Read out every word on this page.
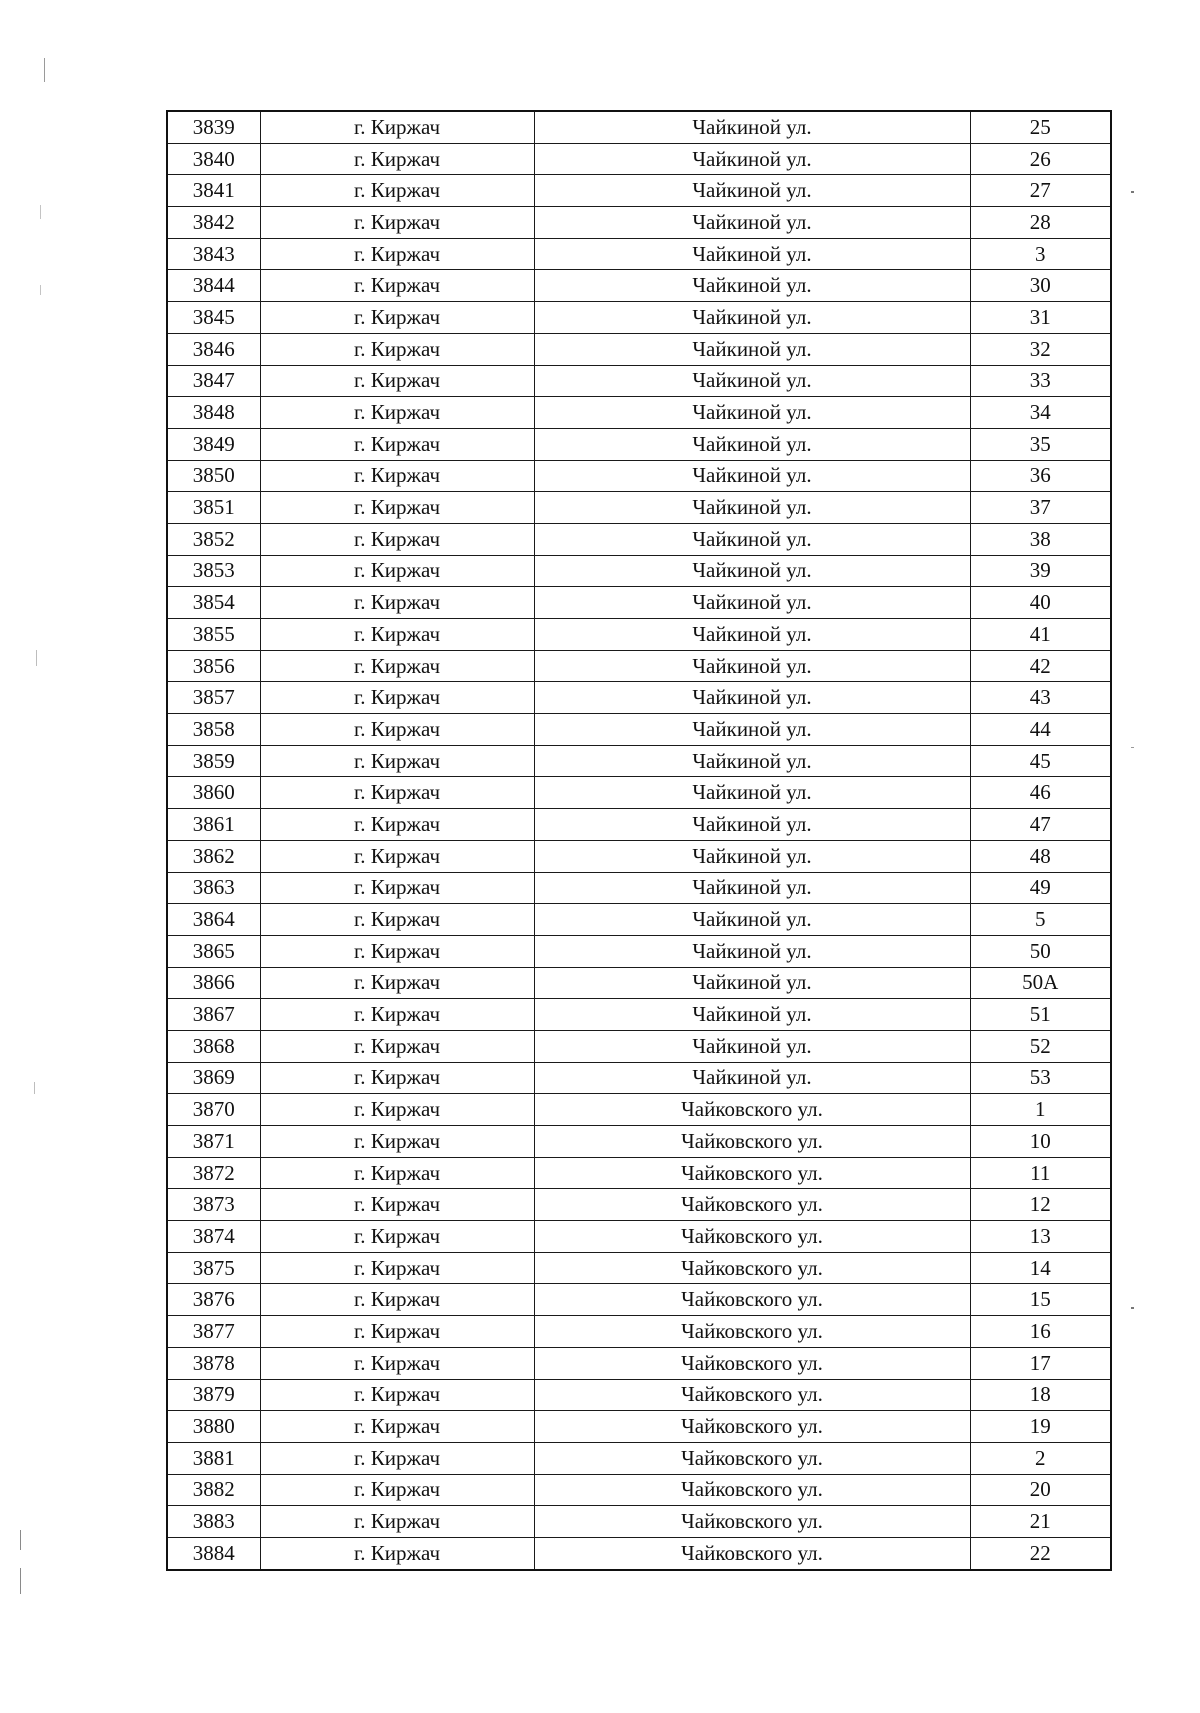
3839	г. Киржач	Чайкиной ул.	25
3840	г. Киржач	Чайкиной ул.	26
3841	г. Киржач	Чайкиной ул.	27
3842	г. Киржач	Чайкиной ул.	28
3843	г. Киржач	Чайкиной ул.	3
3844	г. Киржач	Чайкиной ул.	30
3845	г. Киржач	Чайкиной ул.	31
3846	г. Киржач	Чайкиной ул.	32
3847	г. Киржач	Чайкиной ул.	33
3848	г. Киржач	Чайкиной ул.	34
3849	г. Киржач	Чайкиной ул.	35
3850	г. Киржач	Чайкиной ул.	36
3851	г. Киржач	Чайкиной ул.	37
3852	г. Киржач	Чайкиной ул.	38
3853	г. Киржач	Чайкиной ул.	39
3854	г. Киржач	Чайкиной ул.	40
3855	г. Киржач	Чайкиной ул.	41
3856	г. Киржач	Чайкиной ул.	42
3857	г. Киржач	Чайкиной ул.	43
3858	г. Киржач	Чайкиной ул.	44
3859	г. Киржач	Чайкиной ул.	45
3860	г. Киржач	Чайкиной ул.	46
3861	г. Киржач	Чайкиной ул.	47
3862	г. Киржач	Чайкиной ул.	48
3863	г. Киржач	Чайкиной ул.	49
3864	г. Киржач	Чайкиной ул.	5
3865	г. Киржач	Чайкиной ул.	50
3866	г. Киржач	Чайкиной ул.	50А
3867	г. Киржач	Чайкиной ул.	51
3868	г. Киржач	Чайкиной ул.	52
3869	г. Киржач	Чайкиной ул.	53
3870	г. Киржач	Чайковского ул.	1
3871	г. Киржач	Чайковского ул.	10
3872	г. Киржач	Чайковского ул.	11
3873	г. Киржач	Чайковского ул.	12
3874	г. Киржач	Чайковского ул.	13
3875	г. Киржач	Чайковского ул.	14
3876	г. Киржач	Чайковского ул.	15
3877	г. Киржач	Чайковского ул.	16
3878	г. Киржач	Чайковского ул.	17
3879	г. Киржач	Чайковского ул.	18
3880	г. Киржач	Чайковского ул.	19
3881	г. Киржач	Чайковского ул.	2
3882	г. Киржач	Чайковского ул.	20
3883	г. Киржач	Чайковского ул.	21
3884	г. Киржач	Чайковского ул.	22
